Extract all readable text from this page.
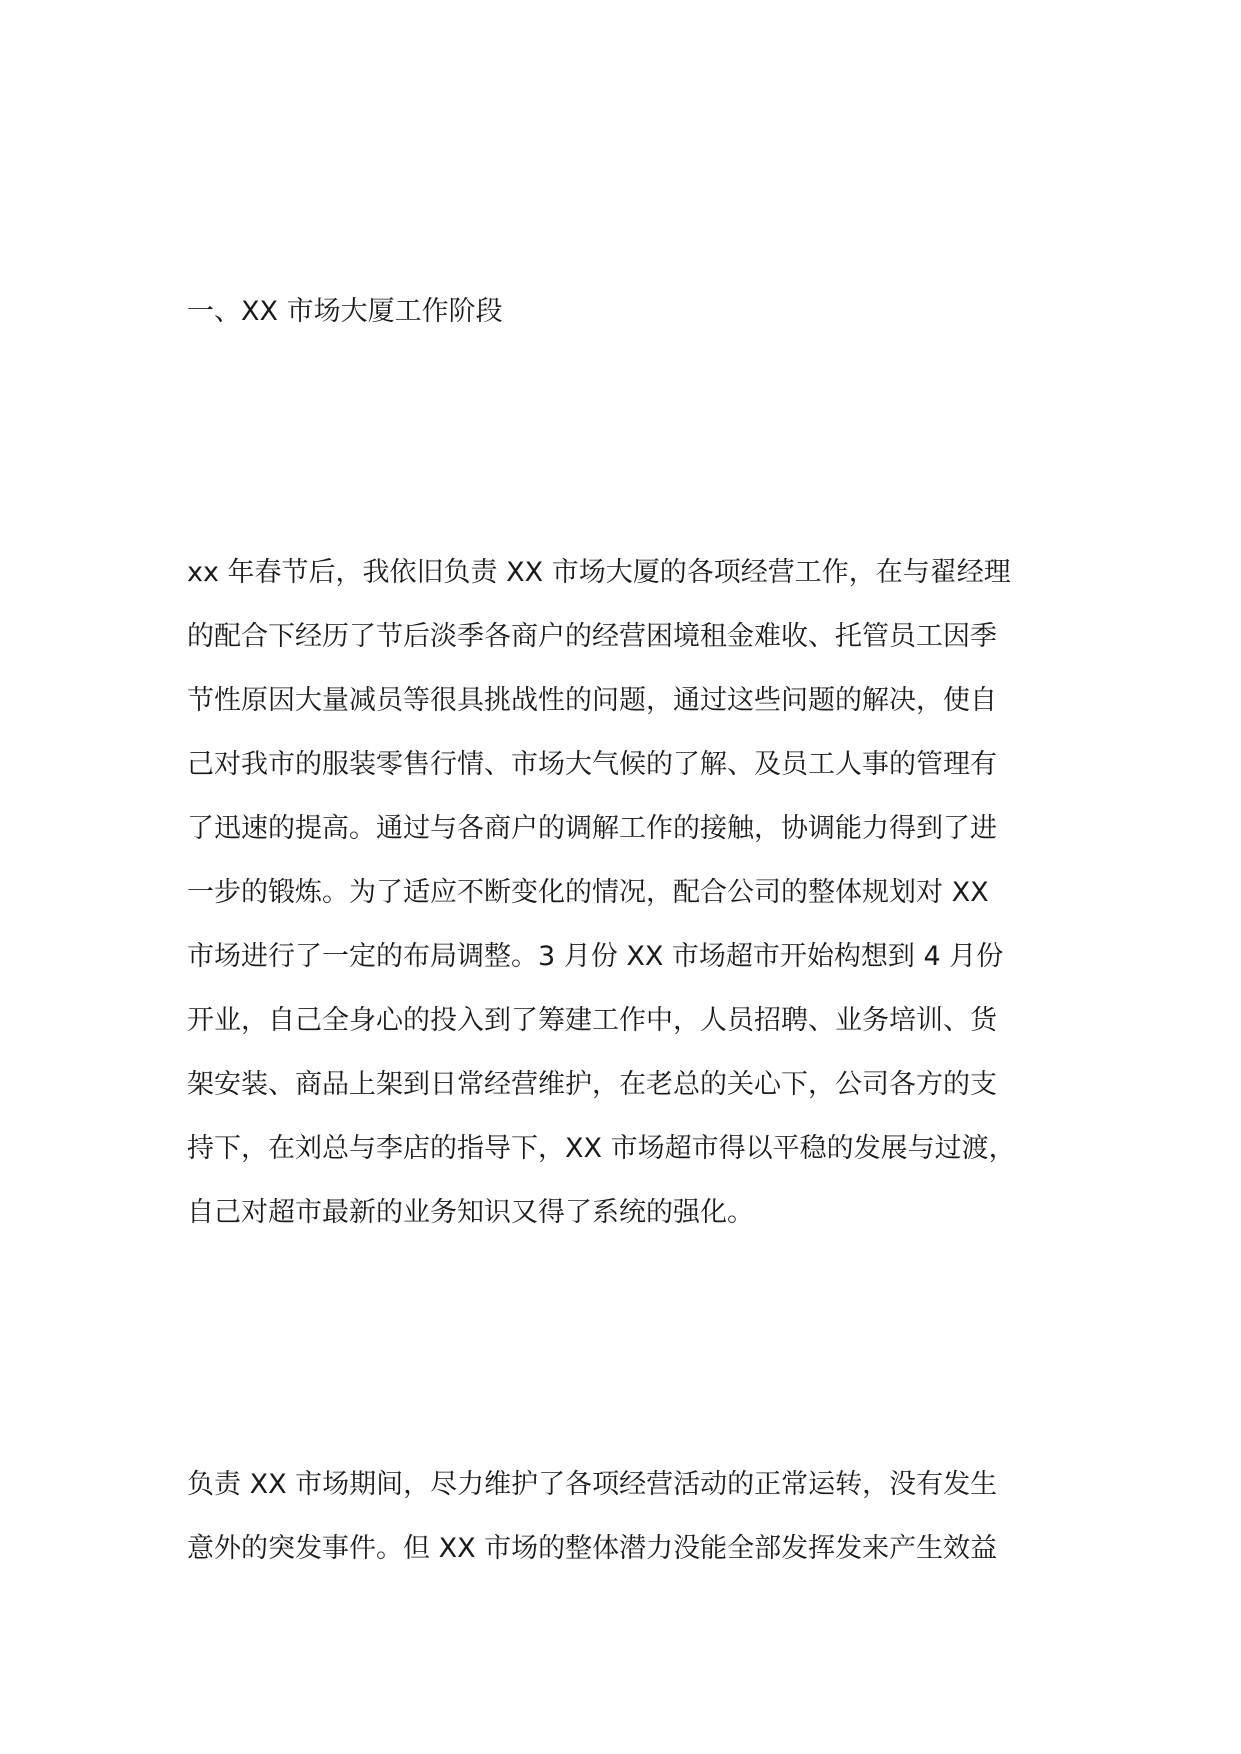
一、XX 市场大厦工作阶段
xx 年春节后，我依旧负责 XX 市场大厦的各项经营工作，在与翟经理
的配合下经历了节后淡季各商户的经营困境租金难收、托管员工因季
节性原因大量减员等很具挑战性的问题，通过这些问题的解决，使自
己对我市的服装零售行情、市场大气候的了解、及员工人事的管理有
了迅速的提高。通过与各商户的调解工作的接触，协调能力得到了进
一步的锻炼。为了适应不断变化的情况，配合公司的整体规划对 XX
市场进行了一定的布局调整。3 月份 XX 市场超市开始构想到 4 月份
开业，自己全身心的投入到了筹建工作中，人员招聘、业务培训、货
架安装、商品上架到日常经营维护，在老总的关心下，公司各方的支
持下，在刘总与李店的指导下，XX 市场超市得以平稳的发展与过渡，
自己对超市最新的业务知识又得了系统的强化。
负责 XX 市场期间，尽力维护了各项经营活动的正常运转，没有发生
意外的突发事件。但 XX 市场的整体潜力没能全部发挥发来产生效益
